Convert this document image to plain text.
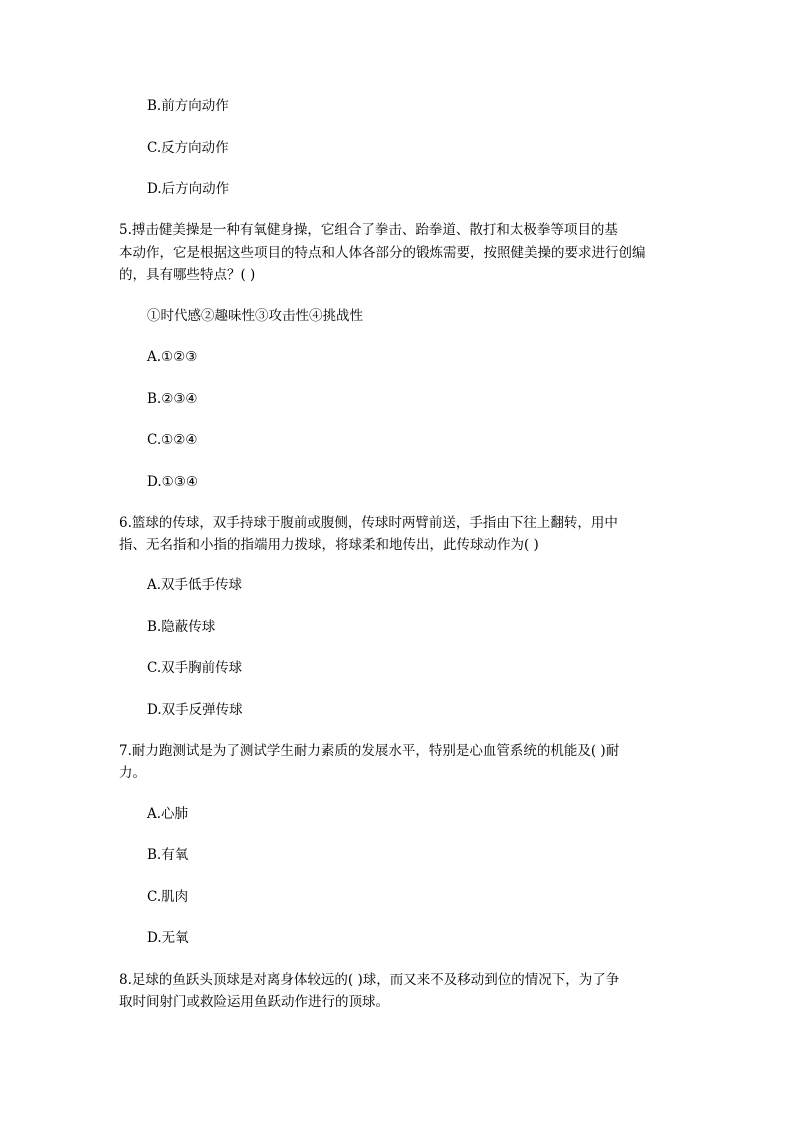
B.前方向动作
C.反方向动作
D.后方向动作
5.搏击健美操是一种有氧健身操，它组合了拳击、跆拳道、散打和太极拳等项目的基
本动作，它是根据这些项目的特点和人体各部分的锻炼需要，按照健美操的要求进行创编
的，具有哪些特点？( )
①时代感②趣味性③攻击性④挑战性
A.①②③
B.②③④
C.①②④
D.①③④
6.篮球的传球，双手持球于腹前或腹侧，传球时两臂前送，手指由下往上翻转，用中
指、无名指和小指的指端用力拨球，将球柔和地传出，此传球动作为( )
A.双手低手传球
B.隐蔽传球
C.双手胸前传球
D.双手反弹传球
7.耐力跑测试是为了测试学生耐力素质的发展水平，特别是心血管系统的机能及( )耐
力。
A.心肺
B.有氧
C.肌肉
D.无氧
8.足球的鱼跃头顶球是对离身体较远的( )球，而又来不及移动到位的情况下，为了争
取时间射门或救险运用鱼跃动作进行的顶球。
